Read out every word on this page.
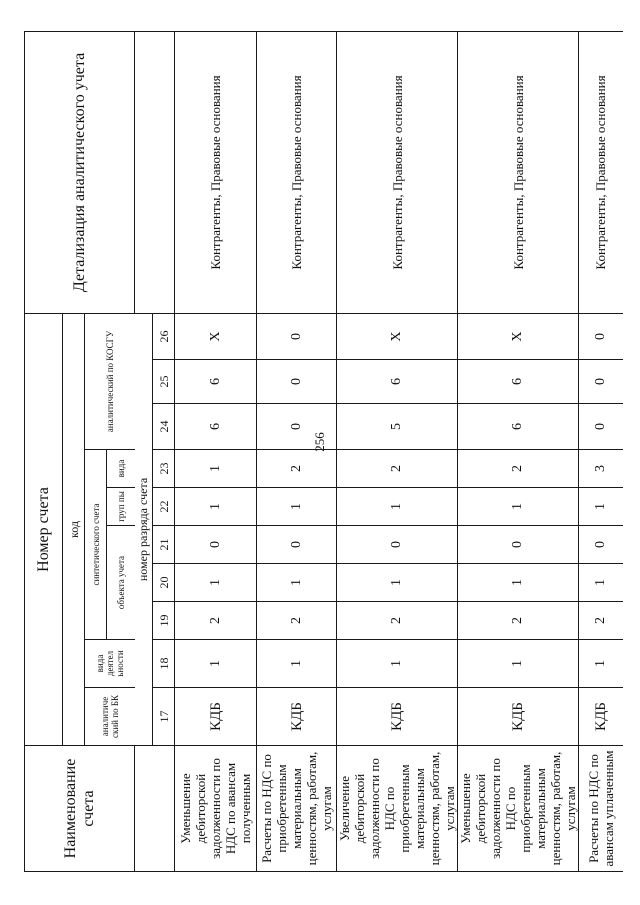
256
Наименование счета	Номер счета										Детализация аналитического учета
	код										
	аналитиче ский по БК	вида деятел ьности	синтетического счета					аналитический по КОСГУ			
			объекта учета			груп пы	вида				

	номер разряда счета										
	17	18	19	20	21	22	23	24	25	26	
Уменьшение дебиторской задолженности по НДС по авансам полученным	КДБ	1	2	1	0	1	1	6	6	X	Контрагенты, Правовые основания
Расчеты по НДС по приобретенным материальным ценностям, работам, услугам	КДБ	1	2	1	0	1	2	0	0	0	Контрагенты, Правовые основания
Увеличение дебиторской задолженности по НДС по приобретенным материальным ценностям, работам, услугам	КДБ	1	2	1	0	1	2	5	6	X	Контрагенты, Правовые основания
Уменьшение дебиторской задолженности по НДС по приобретенным материальным ценностям, работам, услугам	КДБ	1	2	1	0	1	2	6	6	X	Контрагенты, Правовые основания
Расчеты по НДС по авансам уплаченным	КДБ	1	2	1	0	1	3	0	0	0	Контрагенты, Правовые основания
